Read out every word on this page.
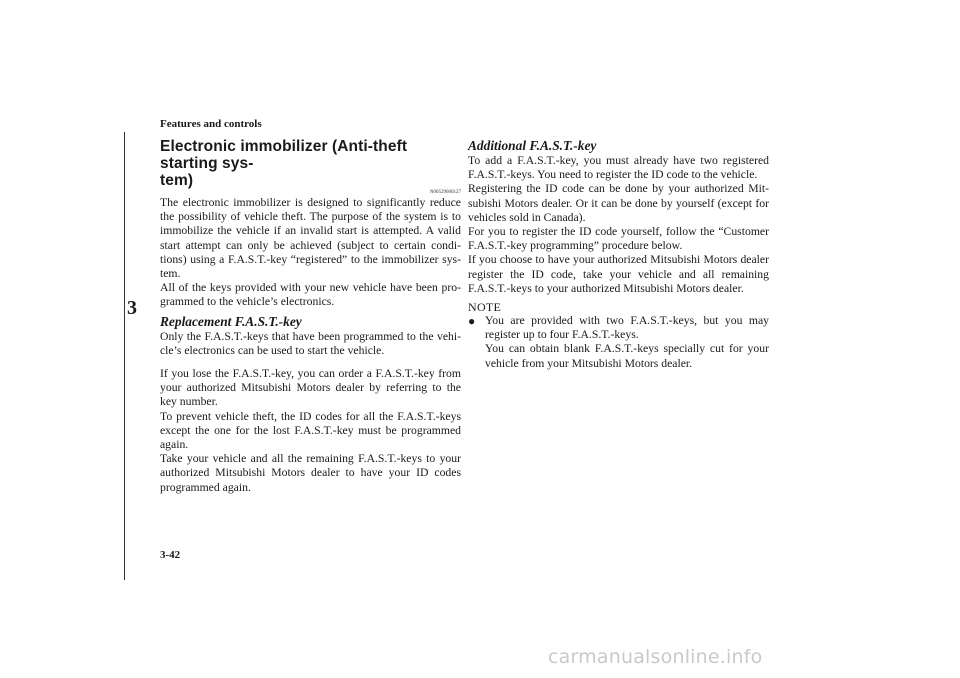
Features and controls
3
Electronic immobilizer (Anti-theft starting sys-
tem)
N00529600127

The electronic immobilizer is designed to significantly reduce the possibility of vehicle theft. The purpose of the system is to immobilize the vehicle if an invalid start is attempted. A valid start attempt can only be achieved (subject to certain condi-tions) using a F.A.S.T.-key “registered” to the immobilizer sys-tem.

All of the keys provided with your new vehicle have been pro-grammed to the vehicle’s electronics.

Replacement F.A.S.T.-key

Only the F.A.S.T.-keys that have been programmed to the vehi-cle’s electronics can be used to start the vehicle.

If you lose the F.A.S.T.-key, you can order a F.A.S.T.-key from your authorized Mitsubishi Motors dealer by referring to the key number.

To prevent vehicle theft, the ID codes for all the F.A.S.T.-keys except the one for the lost F.A.S.T.-key must be programmed again.

Take your vehicle and all the remaining F.A.S.T.-keys to your authorized Mitsubishi Motors dealer to have your ID codes programmed again.

Additional F.A.S.T.-key

To add a F.A.S.T.-key, you must already have two registered F.A.S.T.-keys. You need to register the ID code to the vehicle.

Registering the ID code can be done by your authorized Mit-subishi Motors dealer. Or it can be done by yourself (except for vehicles sold in Canada).

For you to register the ID code yourself, follow the “Customer F.A.S.T.-key programming” procedure below.

If you choose to have your authorized Mitsubishi Motors dealer register the ID code, take your vehicle and all remaining F.A.S.T.-keys to your authorized Mitsubishi Motors dealer.

NOTE

● You are provided with two F.A.S.T.-keys, but you may register up to four F.A.S.T.-keys.

You can obtain blank F.A.S.T.-keys specially cut for your vehicle from your Mitsubishi Motors dealer.

3-42
carmanualsonline.info
